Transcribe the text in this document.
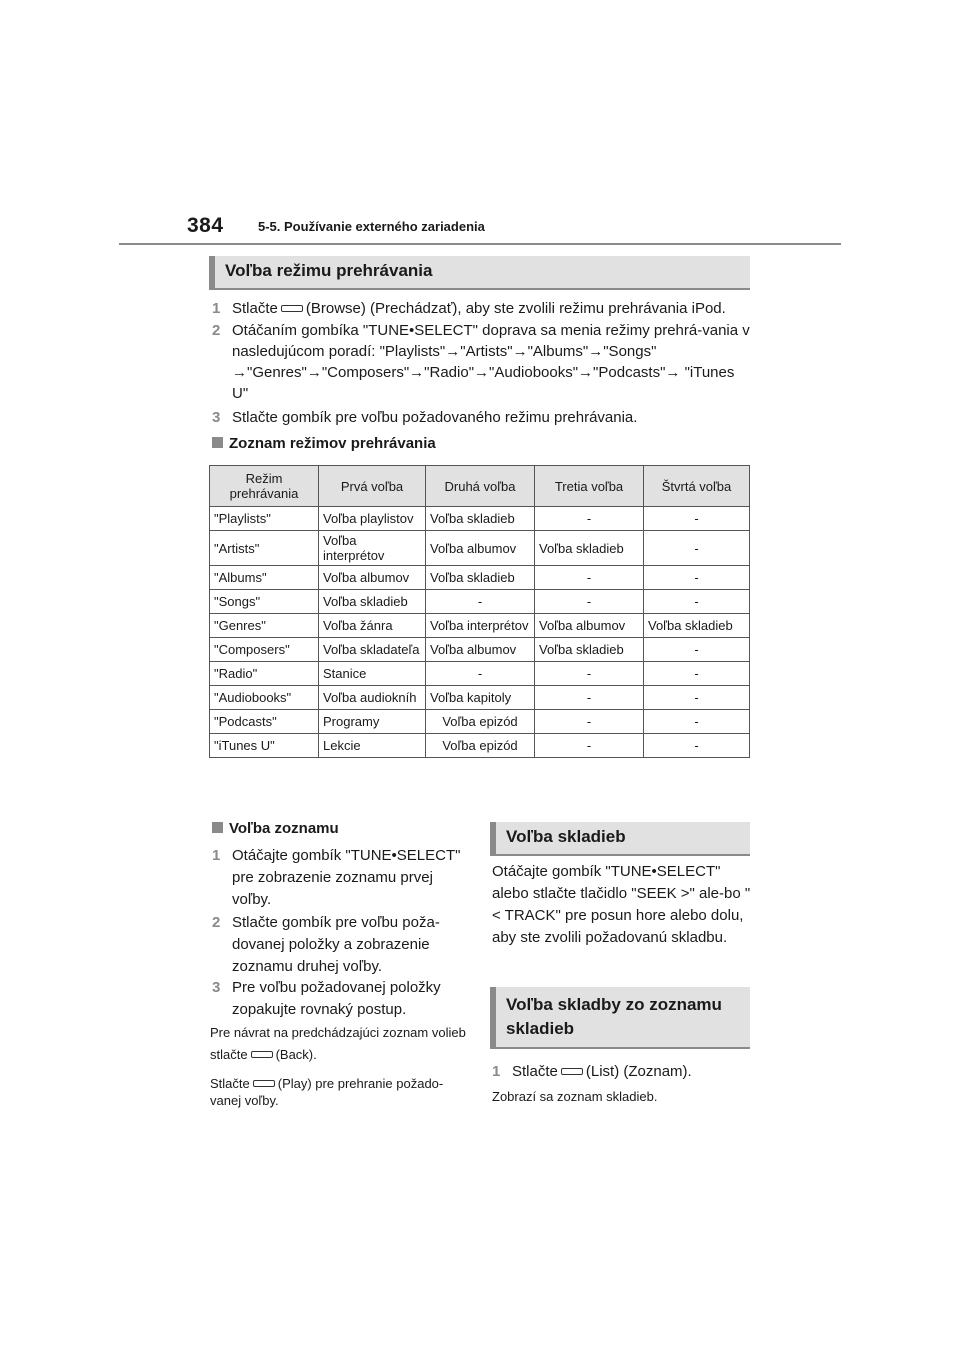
384	5-5. Používanie externého zariadenia
Voľba režimu prehrávania
1 Stlačte (Browse) (Prechádzať), aby ste zvolili režimu prehrávania iPod.
2 Otáčaním gombíka "TUNE•SELECT" doprava sa menia režimy prehrá-vania v nasledujúcom poradí: "Playlists"→"Artists"→"Albums"→"Songs" →"Genres"→"Composers"→"Radio"→"Audiobooks"→"Podcasts"→ "iTunes U"
3 Stlačte gombík pre voľbu požadovaného režimu prehrávania.
Zoznam režimov prehrávania
Režim prehrávania	Prvá voľba	Druhá voľba	Tretia voľba	Štvrtá voľba
"Playlists"	Voľba playlistov	Voľba skladieb	-	-
"Artists"	Voľba interprétov	Voľba albumov	Voľba skladieb	-
"Albums"	Voľba albumov	Voľba skladieb	-	-
"Songs"	Voľba skladieb	-	-	-
"Genres"	Voľba žánra	Voľba interprétov	Voľba albumov	Voľba skladieb
"Composers"	Voľba skladateľa	Voľba albumov	Voľba skladieb	-
"Radio"	Stanice	-	-	-
"Audiobooks"	Voľba audiokníh	Voľba kapitoly	-	-
"Podcasts"	Programy	Voľba epizód	-	-
"iTunes U"	Lekcie	Voľba epizód	-	-
Voľba zoznamu
1 Otáčajte gombík "TUNE•SELECT" pre zobrazenie zoznamu prvej voľby.
2 Stlačte gombík pre voľbu poža-dovanej položky a zobrazenie zoznamu druhej voľby.
3 Pre voľbu požadovanej položky zopakujte rovnaký postup.
Pre návrat na predchádzajúci zoznam volieb stlačte (Back).
Stlačte (Play) pre prehranie požado-vanej voľby.
Voľba skladieb
Otáčajte gombík "TUNE•SELECT" alebo stlačte tlačidlo "SEEK >" ale-bo "< TRACK" pre posun hore alebo dolu, aby ste zvolili požadovanú skladbu.
Voľba skladby zo zoznamu skladieb
1 Stlačte (List) (Zoznam).
Zobrazí sa zoznam skladieb.
